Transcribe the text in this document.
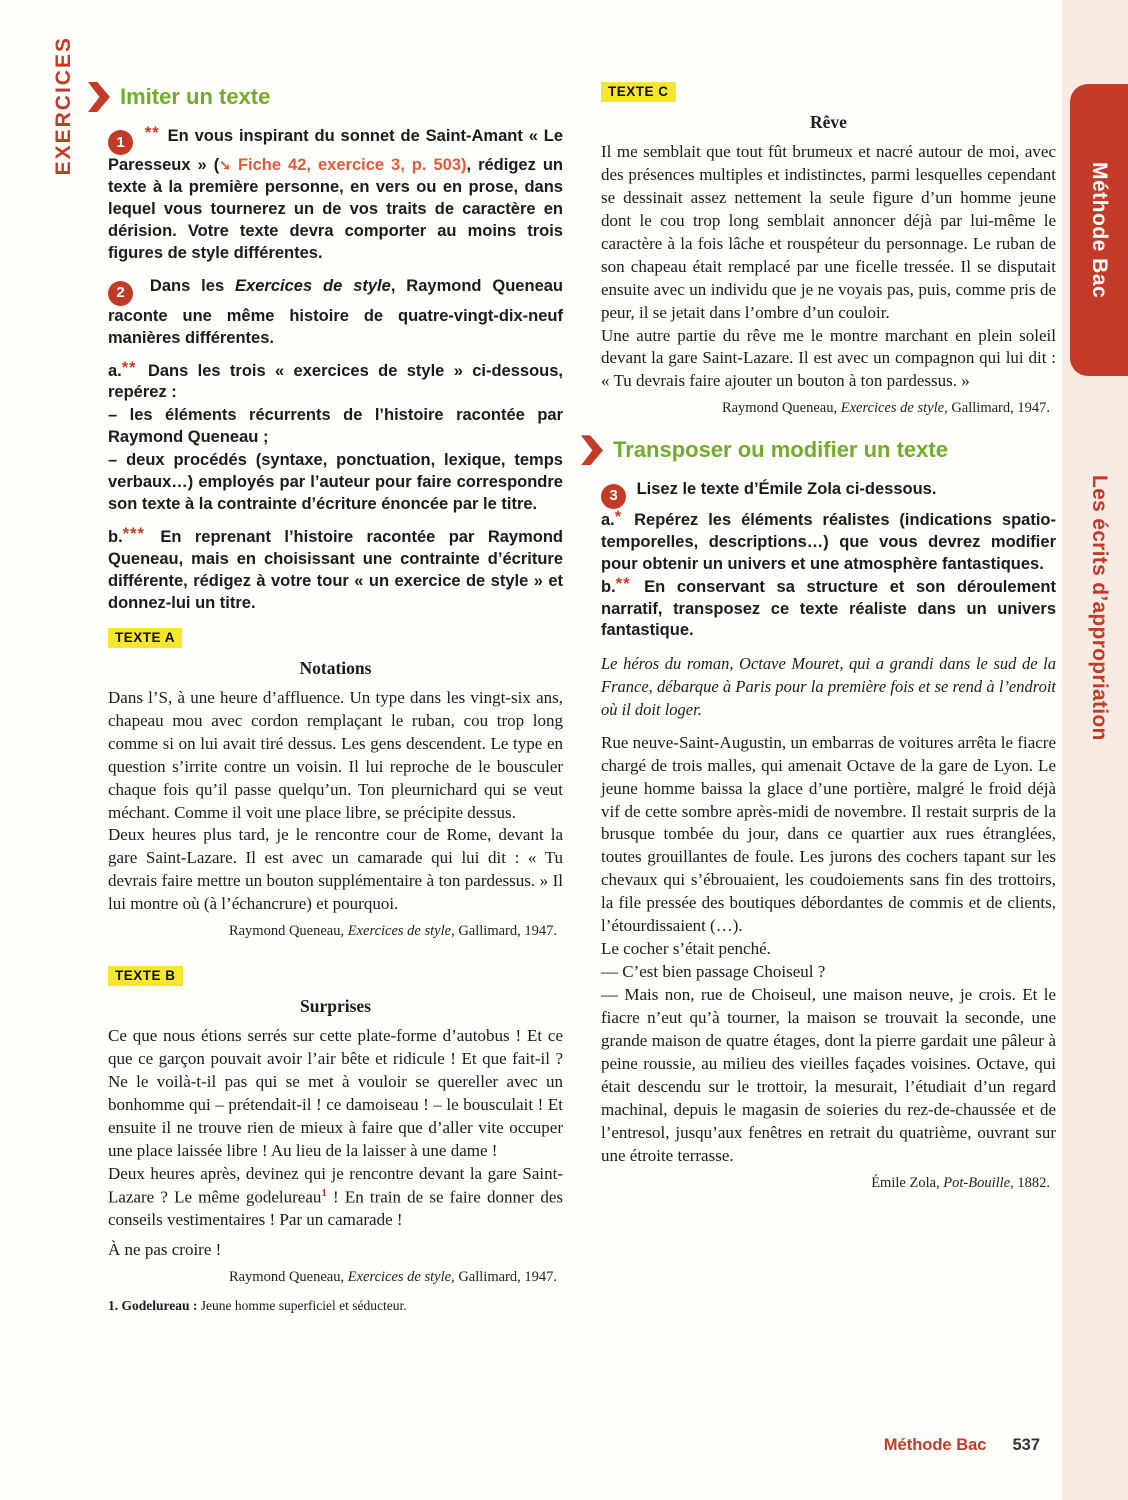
Méthode Bac
Les écrits d’appropriation
EXERCICES Imiter un texte

1 ** En vous inspirant du sonnet de Saint-Amant « Le Paresseux » (➘ Fiche 42, exercice 3, p. 503), rédigez un texte à la première personne, en vers ou en prose, dans lequel vous tournerez un de vos traits de caractère en dérision. Votre texte devra comporter au moins trois figures de style différentes.

2 Dans les Exercices de style, Raymond Queneau raconte une même histoire de quatre-vingt-dix-neuf manières différentes.

a.** Dans les trois « exercices de style » ci-dessous, repérez :

– les éléments récurrents de l’histoire racontée par Raymond Queneau ;

– deux procédés (syntaxe, ponctuation, lexique, temps verbaux…) employés par l’auteur pour faire correspondre son texte à la contrainte d’écriture énoncée par le titre.

b.*** En reprenant l’histoire racontée par Raymond Queneau, mais en choisissant une contrainte d’écriture différente, rédigez à votre tour « un exercice de style » et donnez-lui un titre.

TEXTE A
Notations

Dans l’S, à une heure d’affluence. Un type dans les vingt-six ans, chapeau mou avec cordon remplaçant le ruban, cou trop long comme si on lui avait tiré dessus. Les gens descendent. Le type en question s’irrite contre un voisin. Il lui reproche de le bousculer chaque fois qu’il passe quelqu’un. Ton pleurnichard qui se veut méchant. Comme il voit une place libre, se précipite dessus.

Deux heures plus tard, je le rencontre cour de Rome, devant la gare Saint-Lazare. Il est avec un camarade qui lui dit : « Tu devrais faire mettre un bouton supplémentaire à ton pardessus. » Il lui montre où (à l’échancrure) et pourquoi.

Raymond Queneau, Exercices de style, Gallimard, 1947.

TEXTE B
Surprises

Ce que nous étions serrés sur cette plate-forme d’autobus ! Et ce que ce garçon pouvait avoir l’air bête et ridicule ! Et que fait-il ? Ne le voilà-t-il pas qui se met à vouloir se quereller avec un bonhomme qui – prétendait-il ! ce damoiseau ! – le bousculait ! Et ensuite il ne trouve rien de mieux à faire que d’aller vite occuper une place laissée libre ! Au lieu de la laisser à une dame !

Deux heures après, devinez qui je rencontre devant la gare Saint-Lazare ? Le même godelureau$^1$ ! En train de se faire donner des conseils vestimentaires ! Par un camarade !

À ne pas croire !

Raymond Queneau, Exercices de style, Gallimard, 1947.

1. Godelureau : Jeune homme superficiel et séducteur.

TEXTE C
Rêve

Il me semblait que tout fût brumeux et nacré autour de moi, avec des présences multiples et indistinctes, parmi lesquelles cependant se dessinait assez nettement la seule figure d’un homme jeune dont le cou trop long semblait annoncer déjà par lui-même le caractère à la fois lâche et rouspéteur du personnage. Le ruban de son chapeau était remplacé par une ficelle tressée. Il se disputait ensuite avec un individu que je ne voyais pas, puis, comme pris de peur, il se jetait dans l’ombre d’un couloir.

Une autre partie du rêve me le montre marchant en plein soleil devant la gare Saint-Lazare. Il est avec un compagnon qui lui dit : « Tu devrais faire ajouter un bouton à ton pardessus. »

Raymond Queneau, Exercices de style, Gallimard, 1947.

Transposer ou modifier un texte

3 Lisez le texte d’Émile Zola ci-dessous.

a.* Repérez les éléments réalistes (indications spatio-temporelles, descriptions…) que vous devrez modifier pour obtenir un univers et une atmosphère fantastiques.

b.** En conservant sa structure et son déroulement narratif, transposez ce texte réaliste dans un univers fantastique.

Le héros du roman, Octave Mouret, qui a grandi dans le sud de la France, débarque à Paris pour la première fois et se rend à l’endroit où il doit loger.

Rue neuve-Saint-Augustin, un embarras de voitures arrêta le fiacre chargé de trois malles, qui amenait Octave de la gare de Lyon. Le jeune homme baissa la glace d’une portière, malgré le froid déjà vif de cette sombre après-midi de novembre. Il restait surpris de la brusque tombée du jour, dans ce quartier aux rues étranglées, toutes grouillantes de foule. Les jurons des cochers tapant sur les chevaux qui s’ébrouaient, les coudoiements sans fin des trottoirs, la file pressée des boutiques débordantes de commis et de clients, l’étourdissaient (…).

Le cocher s’était penché.

— C’est bien passage Choiseul ?

— Mais non, rue de Choiseul, une maison neuve, je crois. Et le fiacre n’eut qu’à tourner, la maison se trouvait la seconde, une grande maison de quatre étages, dont la pierre gardait une pâleur à peine roussie, au milieu des vieilles façades voisines. Octave, qui était descendu sur le trottoir, la mesurait, l’étudiait d’un regard machinal, depuis le magasin de soieries du rez-de-chaussée et de l’entresol, jusqu’aux fenêtres en retrait du quatrième, ouvrant sur une étroite terrasse.

Émile Zola, Pot-Bouille, 1882.

Méthode Bac 537
